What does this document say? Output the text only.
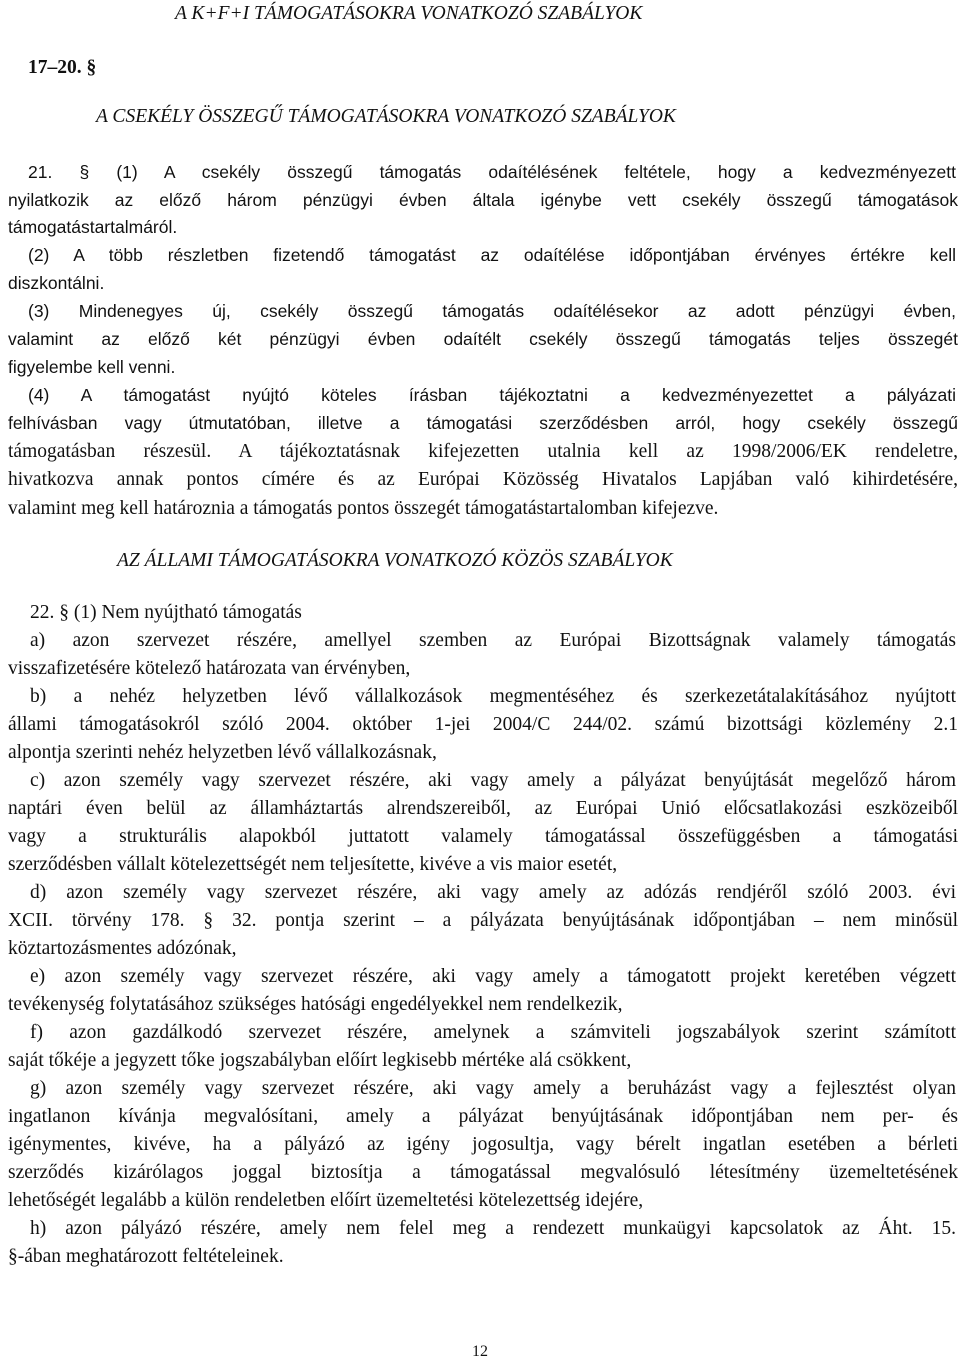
A K+F+I TÁMOGATÁSOKRA VONATKOZÓ SZABÁLYOK
17–20. §
A CSEKÉLY ÖSSZEGŰ TÁMOGATÁSOKRA VONATKOZÓ SZABÁLYOK
21. § (1) A csekély összegű támogatás odaítélésének feltétele, hogy a kedvezményezett
nyilatkozik az előző három pénzügyi évben általa igénybe vett csekély összegű támogatások
támogatástartalmáról.
(2) A több részletben fizetendő támogatást az odaítélése időpontjában érvényes értékre kell
diszkontálni.
(3) Mindenegyes új, csekély összegű támogatás odaítélésekor az adott pénzügyi évben,
valamint az előző két pénzügyi évben odaítélt csekély összegű támogatás teljes összegét
figyelembe kell venni.
(4) A támogatást nyújtó köteles írásban tájékoztatni a kedvezményezettet a pályázati
felhívásban vagy útmutatóban, illetve a támogatási szerződésben arról, hogy csekély összegű
támogatásban részesül. A tájékoztatásnak kifejezetten utalnia kell az 1998/2006/EK rendeletre,
hivatkozva annak pontos címére és az Európai Közösség Hivatalos Lapjában való kihirdetésére,
valamint meg kell határoznia a támogatás pontos összegét támogatástartalomban kifejezve.
AZ ÁLLAMI TÁMOGATÁSOKRA VONATKOZÓ KÖZÖS SZABÁLYOK
22. § (1) Nem nyújtható támogatás
a) azon szervezet részére, amellyel szemben az Európai Bizottságnak valamely támogatás
visszafizetésére kötelező határozata van érvényben,
b) a nehéz helyzetben lévő vállalkozások megmentéséhez és szerkezetátalakításához nyújtott
állami támogatásokról szóló 2004. október 1-jei 2004/C 244/02. számú bizottsági közlemény 2.1
alpontja szerinti nehéz helyzetben lévő vállalkozásnak,
c) azon személy vagy szervezet részére, aki vagy amely a pályázat benyújtását megelőző három
naptári éven belül az államháztartás alrendszereiből, az Európai Unió előcsatlakozási eszközeiből
vagy a strukturális alapokból juttatott valamely támogatással összefüggésben a támogatási
szerződésben vállalt kötelezettségét nem teljesítette, kivéve a vis maior esetét,
d) azon személy vagy szervezet részére, aki vagy amely az adózás rendjéről szóló 2003. évi
XCII. törvény 178. § 32. pontja szerint – a pályázata benyújtásának időpontjában – nem minősül
köztartozásmentes adózónak,
e) azon személy vagy szervezet részére, aki vagy amely a támogatott projekt keretében végzett
tevékenység folytatásához szükséges hatósági engedélyekkel nem rendelkezik,
f) azon gazdálkodó szervezet részére, amelynek a számviteli jogszabályok szerint számított
saját tőkéje a jegyzett tőke jogszabályban előírt legkisebb mértéke alá csökkent,
g) azon személy vagy szervezet részére, aki vagy amely a beruházást vagy a fejlesztést olyan
ingatlanon kívánja megvalósítani, amely a pályázat benyújtásának időpontjában nem per- és
igénymentes, kivéve, ha a pályázó az igény jogosultja, vagy bérelt ingatlan esetében a bérleti
szerződés kizárólagos joggal biztosítja a támogatással megvalósuló létesítmény üzemeltetésének
lehetőségét legalább a külön rendeletben előírt üzemeltetési kötelezettség idejére,
h) azon pályázó részére, amely nem felel meg a rendezett munkaügyi kapcsolatok az Áht. 15.
§-ában meghatározott feltételeinek.
12
